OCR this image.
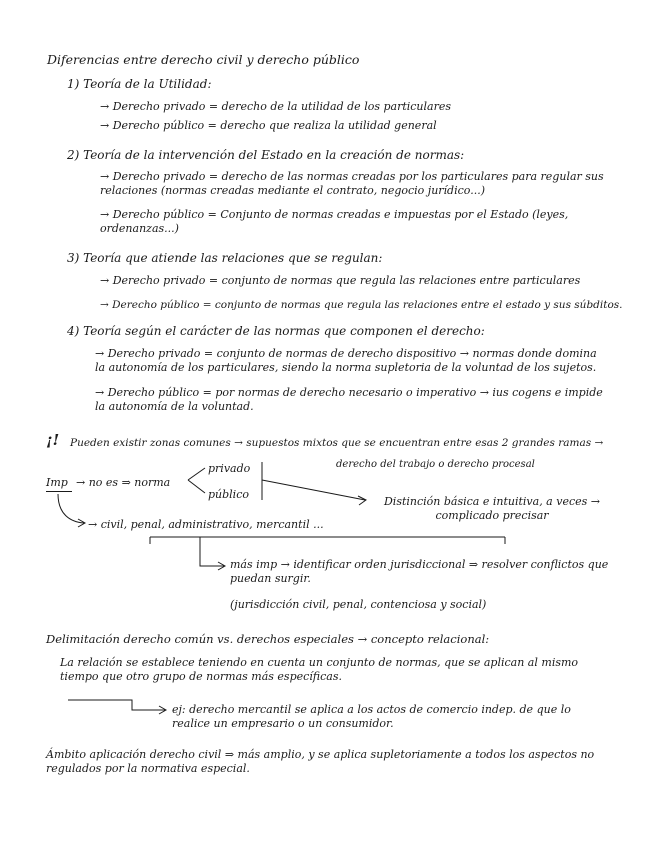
Diferencias entre derecho civil y derecho público
1) Teoría de la Utilidad:
→ Derecho privado = derecho de la utilidad de los particulares
→ Derecho público = derecho que realiza la utilidad general
2) Teoría de la intervención del Estado en la creación de normas:
→ Derecho privado = derecho de las normas creadas por los particulares para regular sus relaciones (normas creadas mediante el contrato, negocio jurídico...)
→ Derecho público = Conjunto de normas creadas e impuestas por el Estado (leyes, ordenanzas...)
3) Teoría que atiende las relaciones que se regulan:
→ Derecho privado = conjunto de normas que regula las relaciones entre particulares
→ Derecho público = conjunto de normas que regula las relaciones entre el estado y sus súbditos.
4) Teoría según el carácter de las normas que componen el derecho:
→ Derecho privado = conjunto de normas de derecho dispositivo → normas donde domina la autonomía de los particulares, siendo la norma supletoria de la voluntad de los sujetos.
→ Derecho público = por normas de derecho necesario o imperativo → ius cogens e impide la autonomía de la voluntad.
¡! Pueden existir zonas comunes → supuestos mixtos que se encuentran entre esas 2 grandes ramas →
derecho del trabajo o derecho procesal
Imp → no es ⇒ norma
privado
público
Distinción básica e intuitiva, a veces → complicado precisar
→ civil, penal, administrativo, mercantil ...
más imp → identificar orden jurisdiccional ⇒ resolver conflictos que puedan surgir.
(jurisdicción civil, penal, contenciosa y social)
Delimitación derecho común vs. derechos especiales → concepto relacional:
La relación se establece teniendo en cuenta un conjunto de normas, que se aplican al mismo tiempo que otro grupo de normas más específicas.
ej: derecho mercantil se aplica a los actos de comercio indep. de que lo realice un empresario o un consumidor.
Ámbito aplicación derecho civil ⇒ más amplio, y se aplica supletoriamente a todos los aspectos no regulados por la normativa especial.
